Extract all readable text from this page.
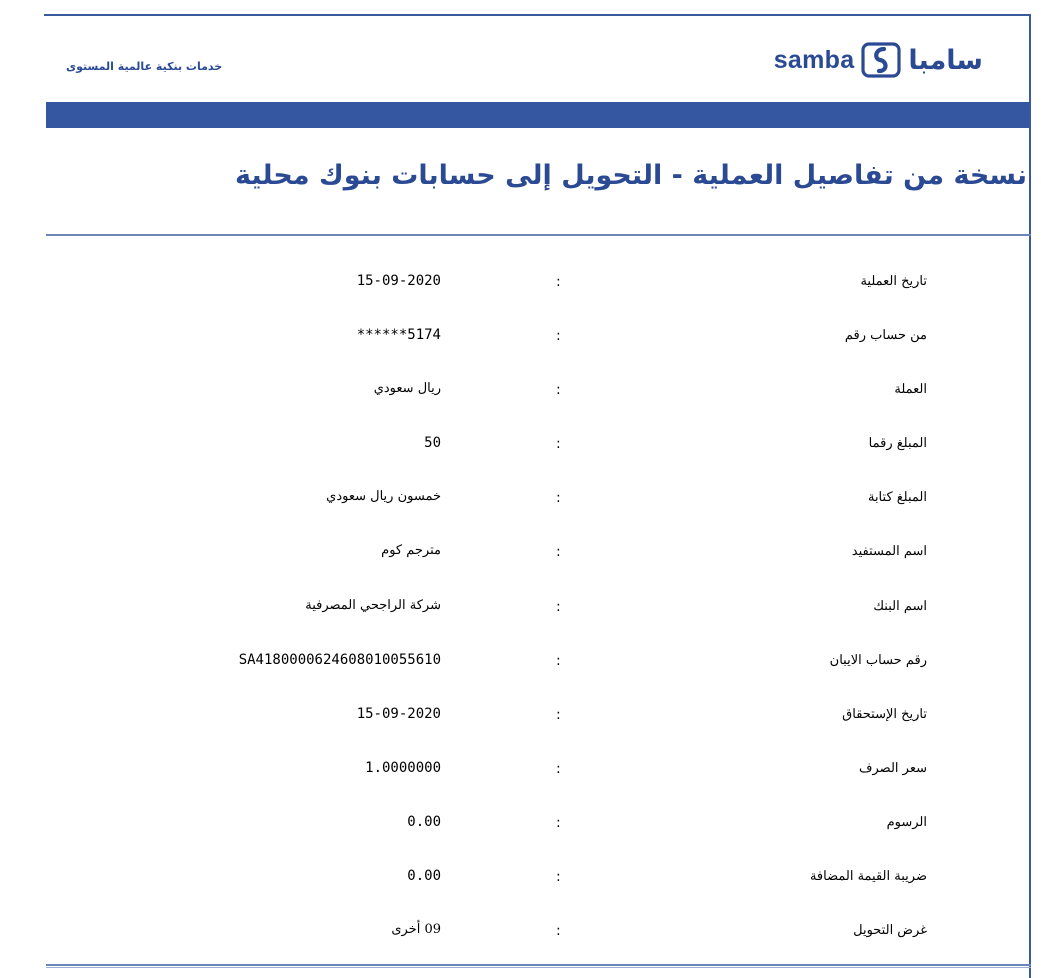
samba سامبا
خدمات بنكية عالمية المستوى
نسخة من تفاصيل العملية - التحويل إلى حسابات بنوك محلية
تاريخ العملية
:
15-09-2020
من حساب رقم
:
******5174
العملة
:
ريال سعودي
المبلغ رقما
:
50
المبلغ كتابة
:
خمسون ريال سعودي
اسم المستفيد
:
مترجم كوم
اسم البنك
:
شركة الراجحي المصرفية
رقم حساب الايبان
:
SA4180000624608010055610
تاريخ الإستحقاق
:
15-09-2020
سعر الصرف
:
1.0000000
الرسوم
:
0.00
ضريبة القيمة المضافة
:
0.00
غرض التحويل
:
09 أخرى
